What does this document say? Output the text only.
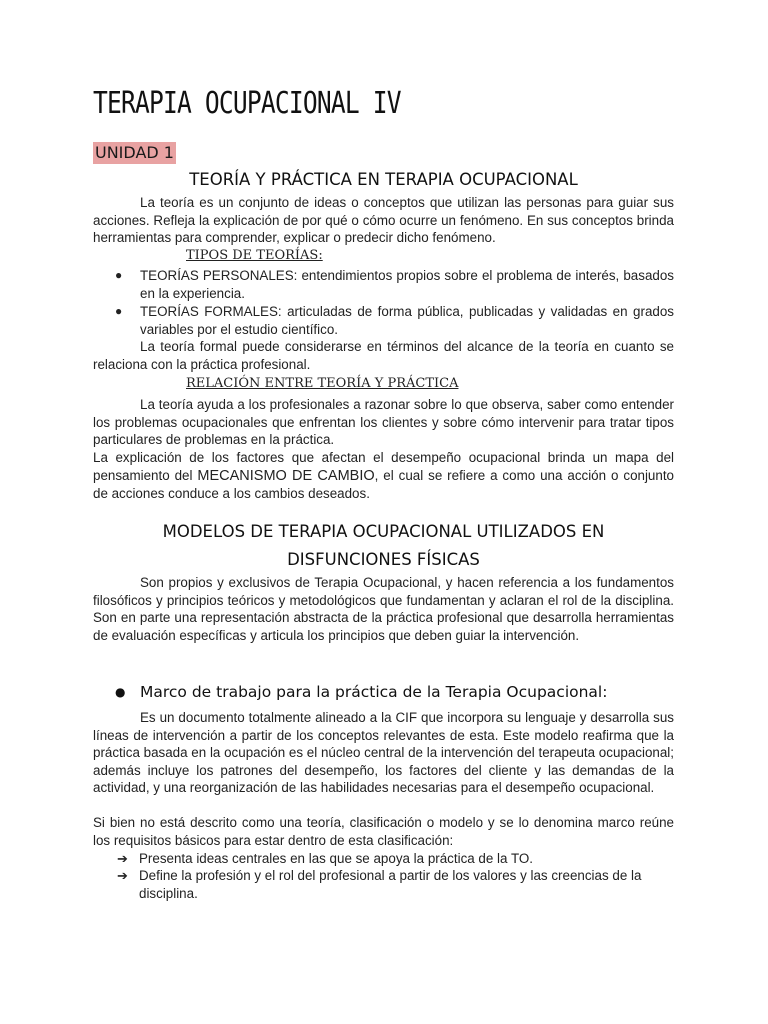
TERAPIA OCUPACIONAL IV
UNIDAD 1
TEORÍA Y PRÁCTICA EN TERAPIA OCUPACIONAL
La teoría es un conjunto de ideas o conceptos que utilizan las personas para guiar sus acciones. Refleja la explicación de por qué o cómo ocurre un fenómeno. En sus conceptos brinda herramientas para comprender, explicar o predecir dicho fenómeno.
TIPOS DE TEORÍAS:
●	TEORÍAS PERSONALES: entendimientos propios sobre el problema de interés, basados en la experiencia.
●	TEORÍAS FORMALES: articuladas de forma pública, publicadas y validadas en grados variables por el estudio científico.
La teoría formal puede considerarse en términos del alcance de la teoría en cuanto se relaciona con la práctica profesional.
RELACIÓN ENTRE TEORÍA Y PRÁCTICA
La teoría ayuda a los profesionales a razonar sobre lo que observa, saber como entender los problemas ocupacionales que enfrentan los clientes y sobre cómo intervenir para tratar tipos particulares de problemas en la práctica.
La explicación de los factores que afectan el desempeño ocupacional brinda un mapa del pensamiento del MECANISMO DE CAMBIO, el cual se refiere a como una acción o conjunto de acciones conduce a los cambios deseados.
MODELOS DE TERAPIA OCUPACIONAL UTILIZADOS EN
DISFUNCIONES FÍSICAS
Son propios y exclusivos de Terapia Ocupacional, y hacen referencia a los fundamentos filosóficos y principios teóricos y metodológicos que fundamentan y aclaran el rol de la disciplina. Son en parte una representación abstracta de la práctica profesional que desarrolla herramientas de evaluación específicas y articula los principios que deben guiar la intervención.
● Marco de trabajo para la práctica de la Terapia Ocupacional:
Es un documento totalmente alineado a la CIF que incorpora su lenguaje y desarrolla sus líneas de intervención a partir de los conceptos relevantes de esta. Este modelo reafirma que la práctica basada en la ocupación es el núcleo central de la intervención del terapeuta ocupacional; además incluye los patrones del desempeño, los factores del cliente y las demandas de la actividad, y una reorganización de las habilidades necesarias para el desempeño ocupacional.
Si bien no está descrito como una teoría, clasificación o modelo y se lo denomina marco reúne los requisitos básicos para estar dentro de esta clasificación:
➔ Presenta ideas centrales en las que se apoya la práctica de la TO.
➔ Define la profesión y el rol del profesional a partir de los valores y las creencias de la disciplina.
